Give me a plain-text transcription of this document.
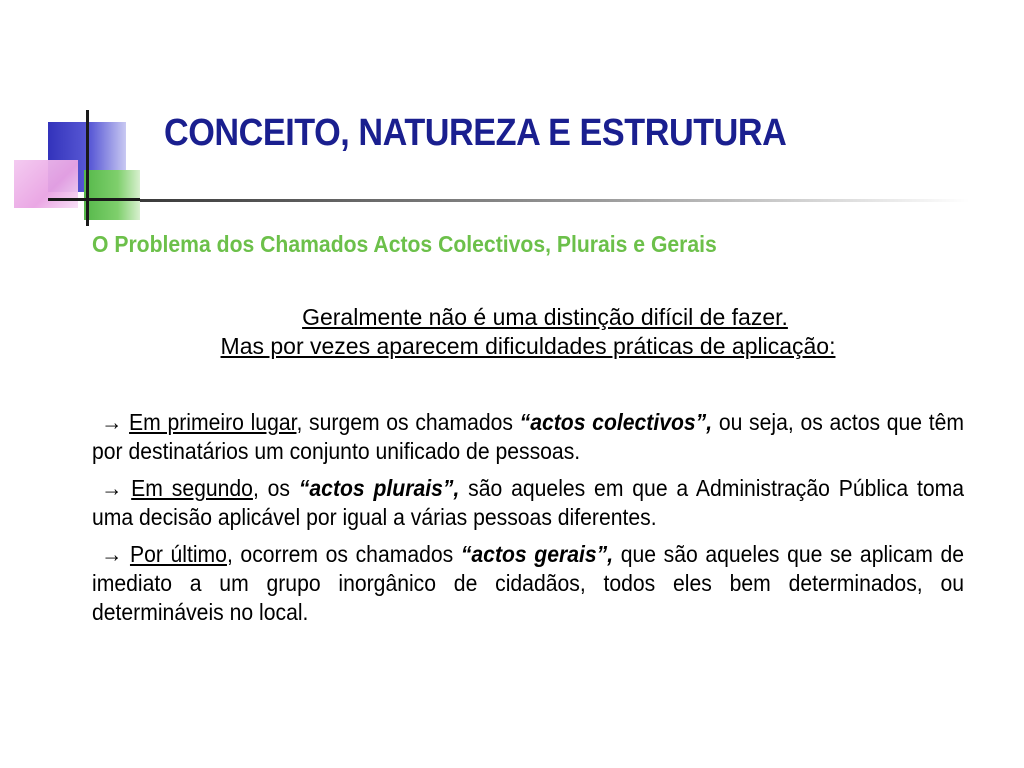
CONCEITO, NATUREZA E ESTRUTURA
O Problema dos Chamados Actos Colectivos, Plurais e Gerais

Geralmente não é uma distinção difícil de fazer.

Mas por vezes aparecem dificuldades práticas de aplicação:

→ Em primeiro lugar, surgem os chamados “actos colectivos”, ou seja, os actos que têm por destinatários um conjunto unificado de pessoas.

→ Em segundo, os “actos plurais”, são aqueles em que a Administração Pública toma uma decisão aplicável por igual a várias pessoas diferentes.

→ Por último, ocorrem os chamados “actos gerais”, que são aqueles que se aplicam de imediato a um grupo inorgânico de cidadãos, todos eles bem determinados, ou determináveis no local.
